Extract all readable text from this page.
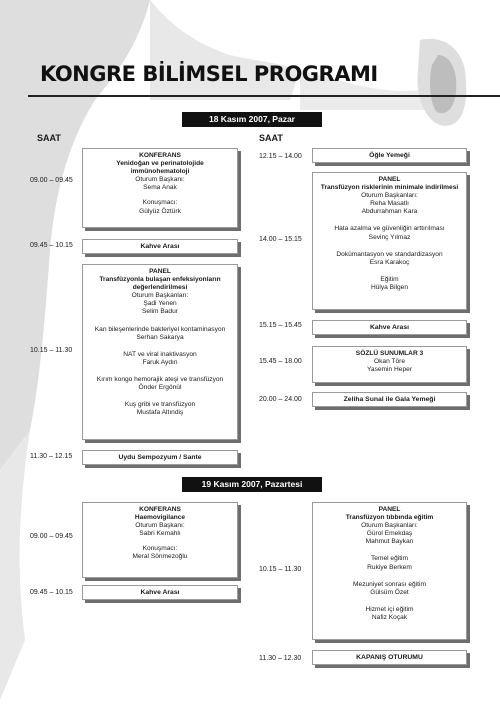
KONGRE BİLİMSEL PROGRAMI
18 Kasım 2007, Pazar
SAAT	SAAT
09.00 – 09.45
KONFERANS
Yenidoğan ve perinatolojide
immünohematoloji
Oturum Başkanı:
Sema Anak
Konuşmacı:
Gülyüz Öztürk
09.45 – 10.15	Kahve Arası
10.15 – 11.30
PANEL
Transfüzyonla bulaşan enfeksiyonların
değerlendirilmesi
Oturum Başkanları:
Şadi Yenen
Selim Badur
Kan bileşenlerinde bakteriyel kontaminasyon
Serhan Sakarya
NAT ve viral inaktivasyon
Faruk Aydın
Kırım kongo hemorajik ateşi ve transfüzyon
Önder Ergönül
Kuş gribi ve transfüzyon
Mustafa Altındiş
11.30 – 12.15	Uydu Sempozyum / Sante
12.15 – 14.00	Öğle Yemeği
14.00 – 15.15
PANEL
Transfüzyon risklerinin minimale indirilmesi
Oturum Başkanları:
Reha Masatlı
Abdurrahman Kara
Hata azalma ve güvenliğin arttırılması
Sevinç Yılmaz
Dokümantasyon ve standardizasyon
Esra Karakoç
Eğitim
Hülya Bilgen
15.15 – 15.45	Kahve Arası
15.45 – 18.00
SÖZLÜ SUNUMLAR 3
Okan Töre
Yasemin Heper
20.00 – 24.00	Zeliha Sunal ile Gala Yemeği
19 Kasım 2007, Pazartesi
09.00 – 09.45
KONFERANS
Haemovigilance
Oturum Başkanı:
Sabri Kemahlı
Konuşmacı:
Meral Sönmezoğlu
09.45 – 10.15	Kahve Arası
10.15 – 11.30
PANEL
Transfüzyon tıbbında eğitim
Oturum Başkanları:
Gürol Emekdaş
Mahmut Baykan
Temel eğitim
Rukiye Berkem
Mezuniyet sonrası eğitim
Gülsüm Özet
Hizmet içi eğitim
Nafiz Koçak
11.30 – 12.30	KAPANIŞ OTURUMU
